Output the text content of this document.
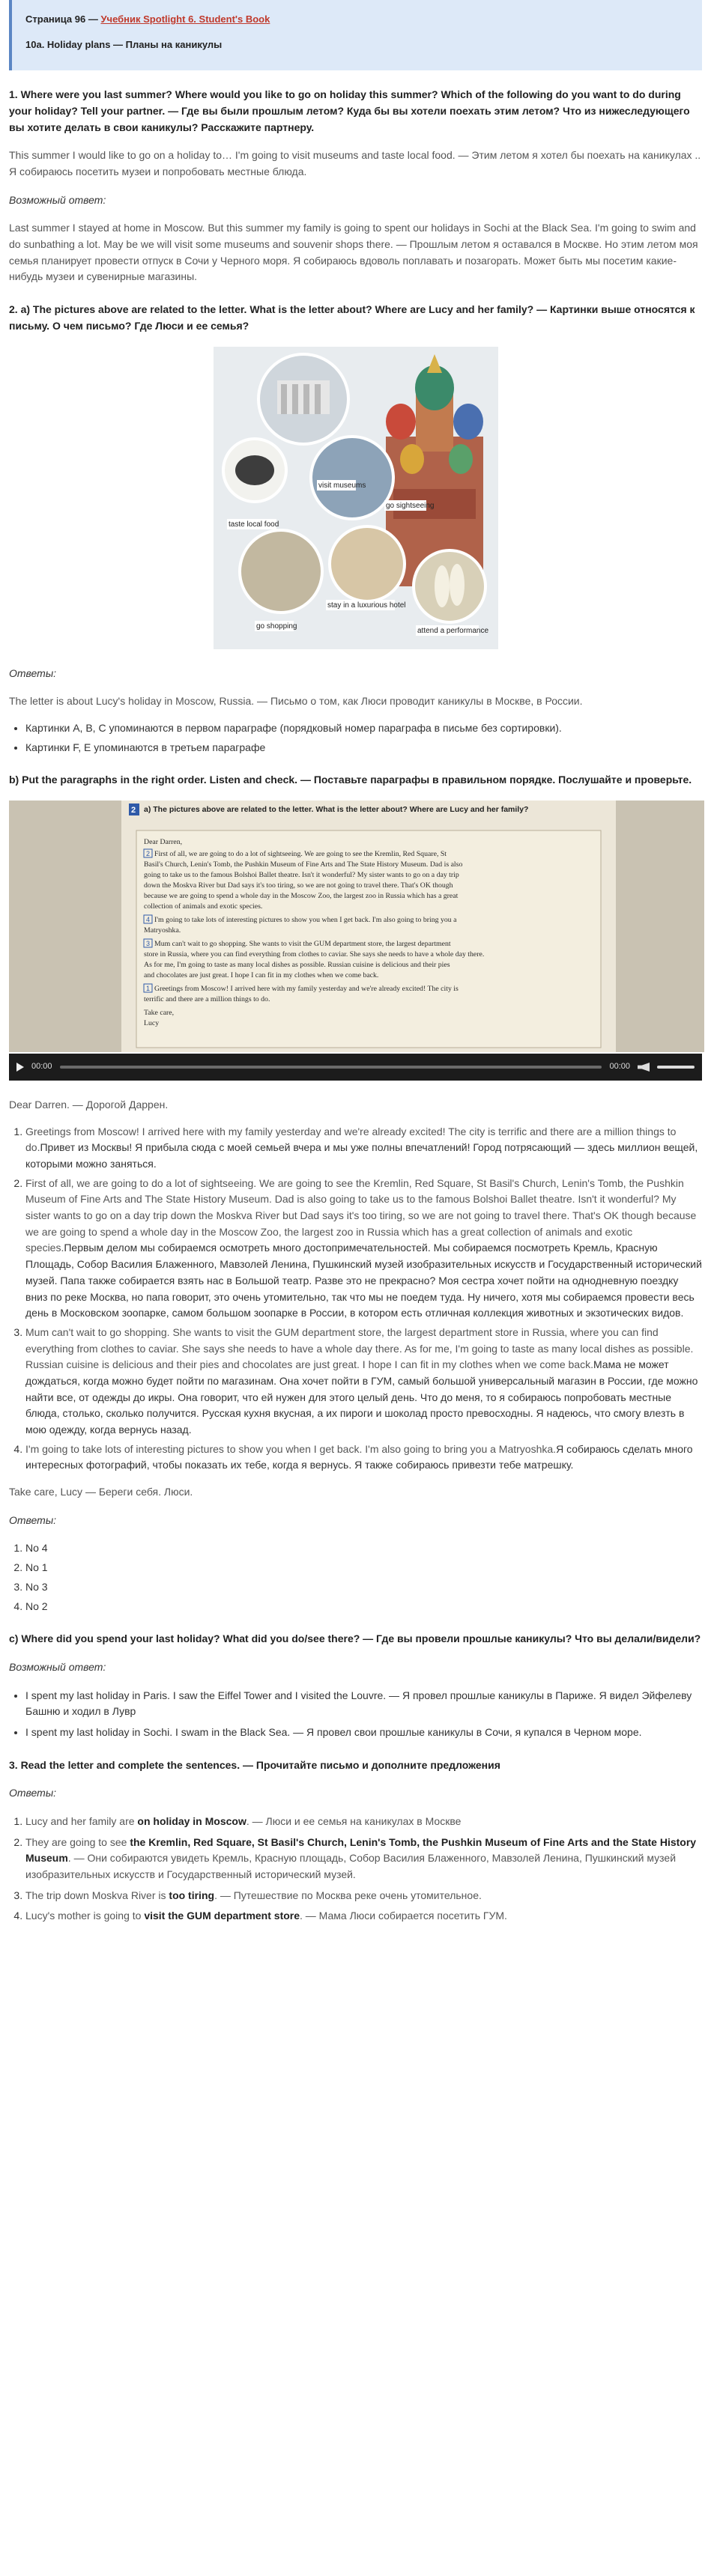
Страница 96 — Учебник Spotlight 6. Student's Book
10a. Holiday plans — Планы на каникулы

1. Where were you last summer? Where would you like to go on holiday this summer? Which of the following do you want to do during your holiday? Tell your partner. — Где вы были прошлым летом? Куда бы вы хотели поехать этим летом? Что из нижеследующего вы хотите делать в свои каникулы? Расскажите партнеру.

This summer I would like to go on a holiday to… I'm going to visit museums and taste local food. — Этим летом я хотел бы поехать на каникулах .. Я собираюсь посетить музеи и попробовать местные блюда.

Возможный ответ:

Last summer I stayed at home in Moscow. But this summer my family is going to spent our holidays in Sochi at the Black Sea. I'm going to swim and do sunbathing a lot. May be we will visit some museums and souvenir shops there. — Прошлым летом я оставался в Москве. Но этим летом моя семья планирует провести отпуск в Сочи у Черного моря. Я собираюсь вдоволь поплавать и позагорать. Может быть мы посетим какие-нибудь музеи и сувенирные магазины.

2. a) The pictures above are related to the letter. What is the letter about? Where are Lucy and her family? — Картинки выше относятся к письму. О чем письмо? Где Люси и ее семья?

visit museums
go sightseeing
taste local food
stay in a luxurious hotel
go shopping
attend a performance

Ответы:

The letter is about Lucy's holiday in Moscow, Russia. — Письмо о том, как Люси проводит каникулы в Москве, в России.

• Картинки A, B, C упоминаются в первом параграфе (порядковый номер параграфа в письме без сортировки).
• Картинки F, E упоминаются в третьем параграфе

b) Put the paragraphs in the right order. Listen and check. — Поставьте параграфы в правильном порядке. Послушайте и проверьте.

2 a) The pictures above are related to the letter. What is the letter about? Where are Lucy and her family?
Dear Darren,
First of all, we are going to do a lot of sightseeing. We are going to see the Kremlin, Red Square, St
Basil's Church, Lenin's Tomb, the Pushkin Museum of Fine Arts and The State History Museum. Dad is also
going to take us to the famous Bolshoi Ballet theatre. Isn't it wonderful? My sister wants to go on a day trip
down the Moskva River but Dad says it's too tiring, so we are not going to travel there. That's OK though
because we are going to spend a whole day in the Moscow Zoo, the largest zoo in Russia which has a great
collection of animals and exotic species.
I'm going to take lots of interesting pictures to show you when I get back. I'm also going to bring you a
Matryoshka.
Mum can't wait to go shopping. She wants to visit the GUM department store, the largest department
store in Russia, where you can find everything from clothes to caviar. She says she needs to have a whole day there.
As for me, I'm going to taste as many local dishes as possible. Russian cuisine is delicious and their pies
and chocolates are just great. I hope I can fit in my clothes when we come back.
Greetings from Moscow! I arrived here with my family yesterday and we're already excited! The city is
terrific and there are a million things to do.
Take care,
Lucy
2
4
3
1
00:00	00:00

Dear Darren. — Дорогой Даррен.

1. Greetings from Moscow! I arrived here with my family yesterday and we're already excited! The city is terrific and there are a million things to do.Привет из Москвы! Я прибыла сюда с моей семьей вчера и мы уже полны впечатлений! Город потрясающий — здесь миллион вещей, которыми можно заняться.
2. First of all, we are going to do a lot of sightseeing. We are going to see the Kremlin, Red Square, St Basil's Church, Lenin's Tomb, the Pushkin Museum of Fine Arts and The State History Museum. Dad is also going to take us to the famous Bolshoi Ballet theatre. Isn't it wonderful? My sister wants to go on a day trip down the Moskva River but Dad says it's too tiring, so we are not going to travel there. That's OK though because we are going to spend a whole day in the Moscow Zoo, the largest zoo in Russia which has a great collection of animals and exotic species.Первым делом мы собираемся осмотреть много достопримечательностей. Мы собираемся посмотреть Кремль, Красную Площадь, Собор Василия Блаженного, Мавзолей Ленина, Пушкинский музей изобразительных искусств и Государственный исторический музей. Папа также собирается взять нас в Большой театр. Разве это не прекрасно? Моя сестра хочет пойти на однодневную поездку вниз по реке Москва, но папа говорит, это очень утомительно, так что мы не поедем туда. Ну ничего, хотя мы собираемся провести весь день в Московском зоопарке, самом большом зоопарке в России, в котором есть отличная коллекция животных и экзотических видов.
3. Mum can't wait to go shopping. She wants to visit the GUM department store, the largest department store in Russia, where you can find everything from clothes to caviar. She says she needs to have a whole day there. As for me, I'm going to taste as many local dishes as possible. Russian cuisine is delicious and their pies and chocolates are just great. I hope I can fit in my clothes when we come back.Мама не может дождаться, когда можно будет пойти по магазинам. Она хочет пойти в ГУМ, самый большой универсальный магазин в России, где можно найти все, от одежды до икры. Она говорит, что ей нужен для этого целый день. Что до меня, то я собираюсь попробовать местные блюда, столько, сколько получится. Русская кухня вкусная, а их пироги и шоколад просто превосходны. Я надеюсь, что смогу влезть в мою одежду, когда вернусь назад.
4. I'm going to take lots of interesting pictures to show you when I get back. I'm also going to bring you a Matryoshka.Я собираюсь сделать много интересных фотографий, чтобы показать их тебе, когда я вернусь. Я также собираюсь привезти тебе матрешку.

Take care, Lucy — Береги себя. Люси.

Ответы:

1. No 4
2. No 1
3. No 3
4. No 2

c) Where did you spend your last holiday? What did you do/see there? — Где вы провели прошлые каникулы? Что вы делали/видели?

Возможный ответ:

• I spent my last holiday in Paris. I saw the Eiffel Tower and I visited the Louvre. — Я провел прошлые каникулы в Париже. Я видел Эйфелеву Башню и ходил в Лувр
• I spent my last holiday in Sochi. I swam in the Black Sea. — Я провел свои прошлые каникулы в Сочи, я купался в Черном море.

3. Read the letter and complete the sentences. — Прочитайте письмо и дополните предложения

Ответы:

1. Lucy and her family are on holiday in Moscow. — Люси и ее семья на каникулах в Москве
2. They are going to see the Kremlin, Red Square, St Basil's Church, Lenin's Tomb, the Pushkin Museum of Fine Arts and the State History Museum. — Они собираются увидеть Кремль, Красную площадь, Собор Василия Блаженного, Мавзолей Ленина, Пушкинский музей изобразительных искусств и Государственный исторический музей.
3. The trip down Moskva River is too tiring. — Путешествие по Москва реке очень утомительное.
4. Lucy's mother is going to visit the GUM department store. — Мама Люси собирается посетить ГУМ.
